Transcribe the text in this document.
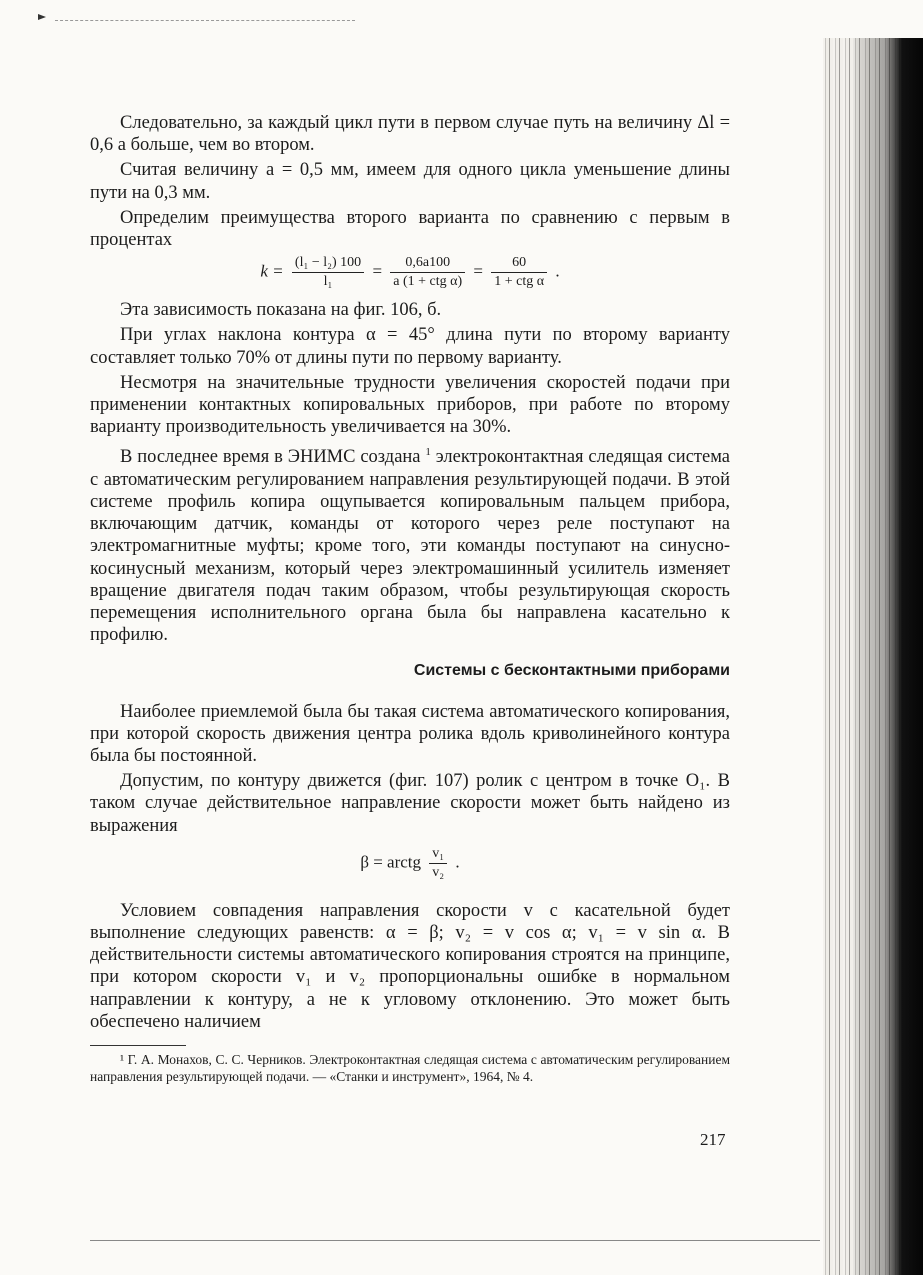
Следовательно, за каждый цикл пути в первом случае путь на величину Δl = 0,6 a больше, чем во втором.

Считая величину a = 0,5 мм, имеем для одного цикла уменьшение длины пути на 0,3 мм.

Определим преимущества второго варианта по сравнению с первым в процентах

$k = \frac{\text{(l₁ − l₂) 100}}{\text{l₁}} = \frac{0,6a100}{\text{a (1 + ctg α)}} = \frac{60}{\text{1 + ctg α}}$ .

Эта зависимость показана на фиг. 106, б.

При углах наклона контура α = 45° длина пути по второму варианту составляет только 70% от длины пути по первому варианту.

Несмотря на значительные трудности увеличения скоростей подачи при применении контактных копировальных приборов, при работе по второму варианту производительность увеличивается на 30%.

В последнее время в ЭНИМС создана $^1$ электроконтактная следящая система с автоматическим регулированием направления результирующей подачи. В этой системе профиль копира ощупывается копировальным пальцем прибора, включающим датчик, команды от которого через реле поступают на электромагнитные муфты; кроме того, эти команды поступают на синусно-косинусный механизм, который через электромашинный усилитель изменяет вращение двигателя подач таким образом, чтобы результирующая скорость перемещения исполнительного органа была бы направлена касательно к профилю.

Системы с бесконтактными приборами

Наиболее приемлемой была бы такая система автоматического копирования, при которой скорость движения центра ролика вдоль криволинейного контура была бы постоянной.

Допустим, по контуру движется (фиг. 107) ролик с центром в точке O₁. В таком случае действительное направление скорости может быть найдено из выражения

β = arctg $\frac{\text{v₁}}{\text{v₂}}$ .

Условием совпадения направления скорости v с касательной будет выполнение следующих равенств: α = β; v₂ = v cos α; v₁ = v sin α. В действительности системы автоматического копирования строятся на принципе, при котором скорости v₁ и v₂ пропорциональны ошибке в нормальном направлении к контуру, а не к угловому отклонению. Это может быть обеспечено наличием

¹ Г. А. Монахов, С. С. Черников. Электроконтактная следящая система с автоматическим регулированием направления результирующей подачи. — «Станки и инструмент», 1964, № 4.

217
